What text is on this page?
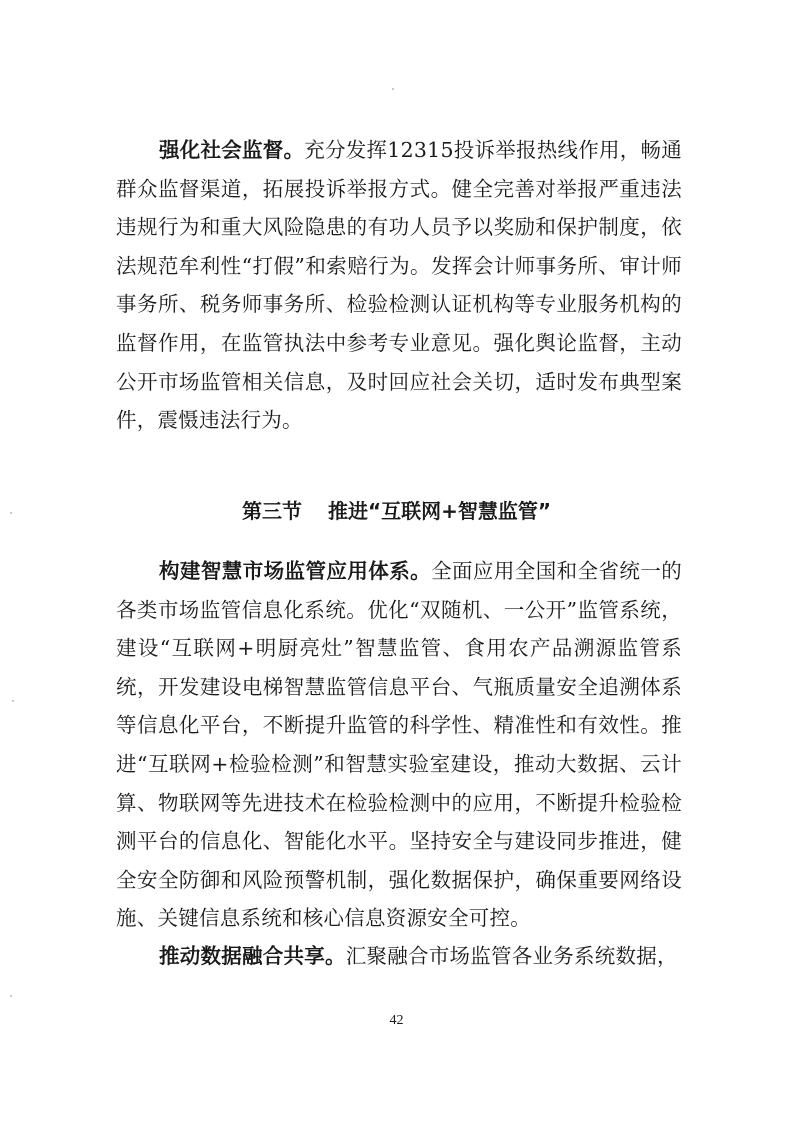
强化社会监督。充分发挥12315投诉举报热线作用，畅通群众监督渠道，拓展投诉举报方式。健全完善对举报严重违法违规行为和重大风险隐患的有功人员予以奖励和保护制度，依法规范牟利性“打假”和索赔行为。发挥会计师事务所、审计师事务所、税务师事务所、检验检测认证机构等专业服务机构的监督作用，在监管执法中参考专业意见。强化舆论监督，主动公开市场监管相关信息，及时回应社会关切，适时发布典型案件，震慑违法行为。

第三节 推进“互联网+智慧监管”

构建智慧市场监管应用体系。全面应用全国和全省统一的各类市场监管信息化系统。优化“双随机、一公开”监管系统，建设“互联网+明厨亮灶”智慧监管、食用农产品溯源监管系统，开发建设电梯智慧监管信息平台、气瓶质量安全追溯体系等信息化平台，不断提升监管的科学性、精准性和有效性。推进“互联网+检验检测”和智慧实验室建设，推动大数据、云计算、物联网等先进技术在检验检测中的应用，不断提升检验检测平台的信息化、智能化水平。坚持安全与建设同步推进，健全安全防御和风险预警机制，强化数据保护，确保重要网络设施、关键信息系统和核心信息资源安全可控。

推动数据融合共享。汇聚融合市场监管各业务系统数据，

42
